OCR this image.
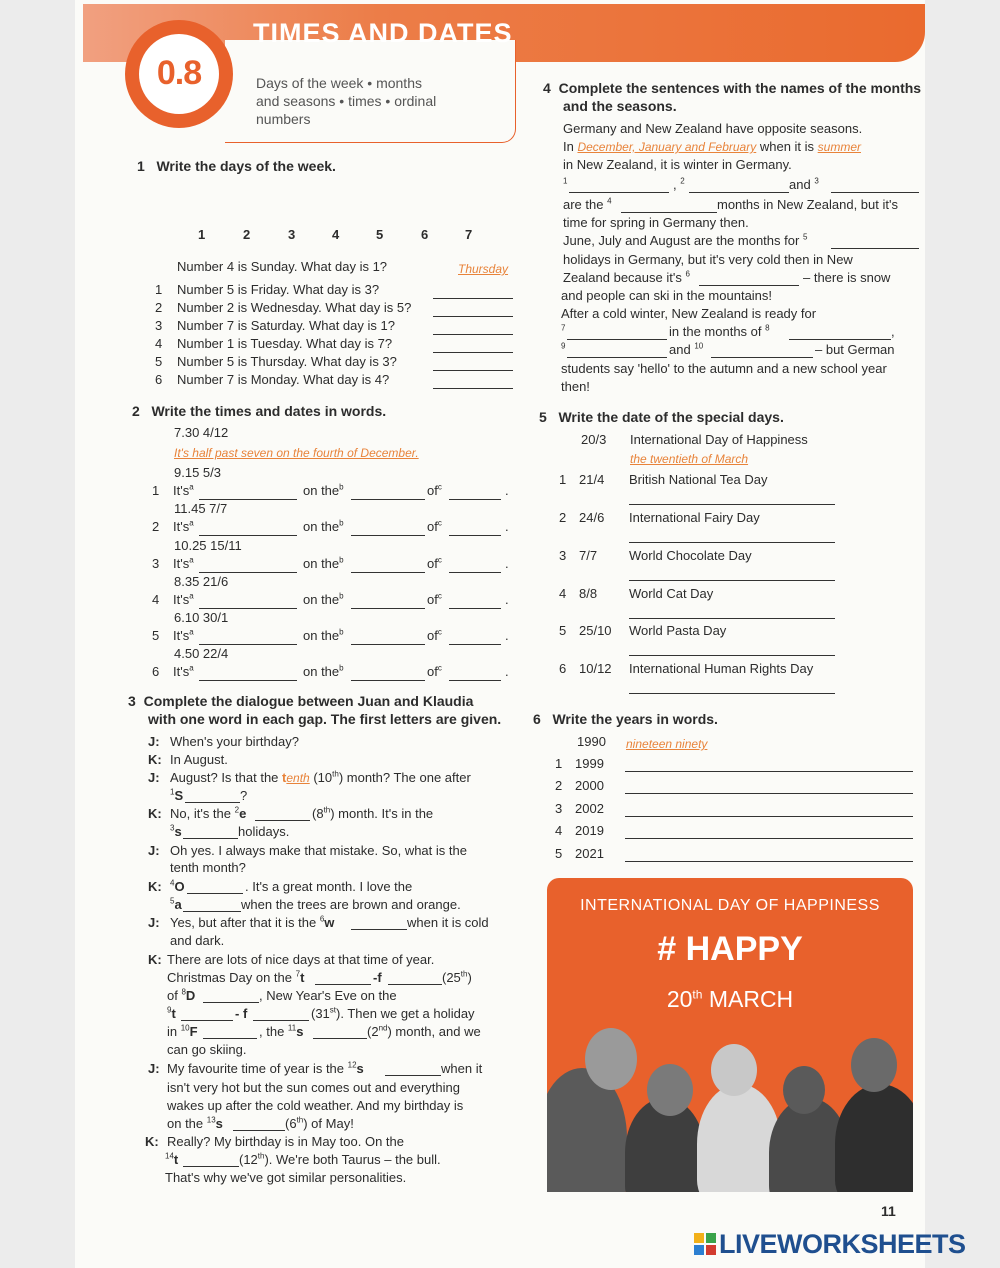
0.8
TIMES AND DATES
Days of the week • months
and seasons • times • ordinal
numbers
1 Write the days of the week.
1	2	3	4	5	6	7
Number 4 is Sunday. What day is 1?	Thursday
1 Number 5 is Friday. What day is 3?
2 Number 2 is Wednesday. What day is 5?
3 Number 7 is Saturday. What day is 1?
4 Number 1 is Tuesday. What day is 7?
5 Number 5 is Thursday. What day is 3?
6 Number 7 is Monday. What day is 4?
2 Write the times and dates in words.
7.30 4/12
It's half past seven on the fourth of December.
9.15 5/3
1 $It's^a$	on the$^b$	$of^c$	.
11.45 7/7
2 $It's^a$	on the$^b$	$of^c$	.
10.25 15/11
3 $It's^a$	on the$^b$	$of^c$	.
8.35 21/6
4 $It's^a$	on the$^b$	$of^c$	.
6.10 30/1
5 $It's^a$	on the$^b$	$of^c$	.
4.50 22/4
6 $It's^a$	on the$^b$	$of^c$	.
3 Complete the dialogue between Juan and Klaudia
with one word in each gap. The first letters are given.
J: When's your birthday?
K: In August.
J: August? Is that the tenth (10th) month? The one after
$^1$S	?
K: No, it's the $^2$e	(8th) month. It's in the
$^3$s	holidays.
J: Oh yes. I always make that mistake. So, what is the
tenth month?
K: $^4$O	. It's a great month. I love the
$^5$a	when the trees are brown and orange.
J: Yes, but after that it is the $^6$w	when it is cold
and dark.
K: There are lots of nice days at that time of year.
Christmas Day on the $^7$t	-f	(25th)
of $^8$D	, New Year's Eve on the
$^9$t	- f	(31st). Then we get a holiday
in $^{10}$F	, the $^{11}$s	(2nd) month, and we
can go skiing.
J: My favourite time of year is the $^{12}$s	when it
isn't very hot but the sun comes out and everything
wakes up after the cold weather. And my birthday is
on the $^{13}$s	(6th) of May!
K: Really? My birthday is in May too. On the
$^{14}$t	(12th). We're both Taurus – the bull.
That's why we've got similar personalities.
4 Complete the sentences with the names of the months
and the seasons.
Germany and New Zealand have opposite seasons.
In December, January and February when it is summer
in New Zealand, it is winter in Germany.
$^1$	, $^2$	and $^3$
are the $^4$	months in New Zealand, but it's
time for spring in Germany then.
June, July and August are the months for $^5$
holidays in Germany, but it's very cold then in New
Zealand because it's $^6$	– there is snow
and people can ski in the mountains!
After a cold winter, New Zealand is ready for
$^7$	in the months of $^8$	,
$^9$	and $^{10}$	– but German
students say 'hello' to the autumn and a new school year
then!
5 Write the date of the special days.
20/3 International Day of Happiness
the twentieth of March
1 21/4 British National Tea Day
2 24/6 International Fairy Day
3 7/7 World Chocolate Day
4 8/8 World Cat Day
5 25/10 World Pasta Day
6 10/12 International Human Rights Day
6 Write the years in words.
1990 nineteen ninety
1 1999
2 2000
3 2002
4 2019
5 2021
INTERNATIONAL DAY OF HAPPINESS
# HAPPY
20th MARCH
11
LIVEWORKSHEETS
